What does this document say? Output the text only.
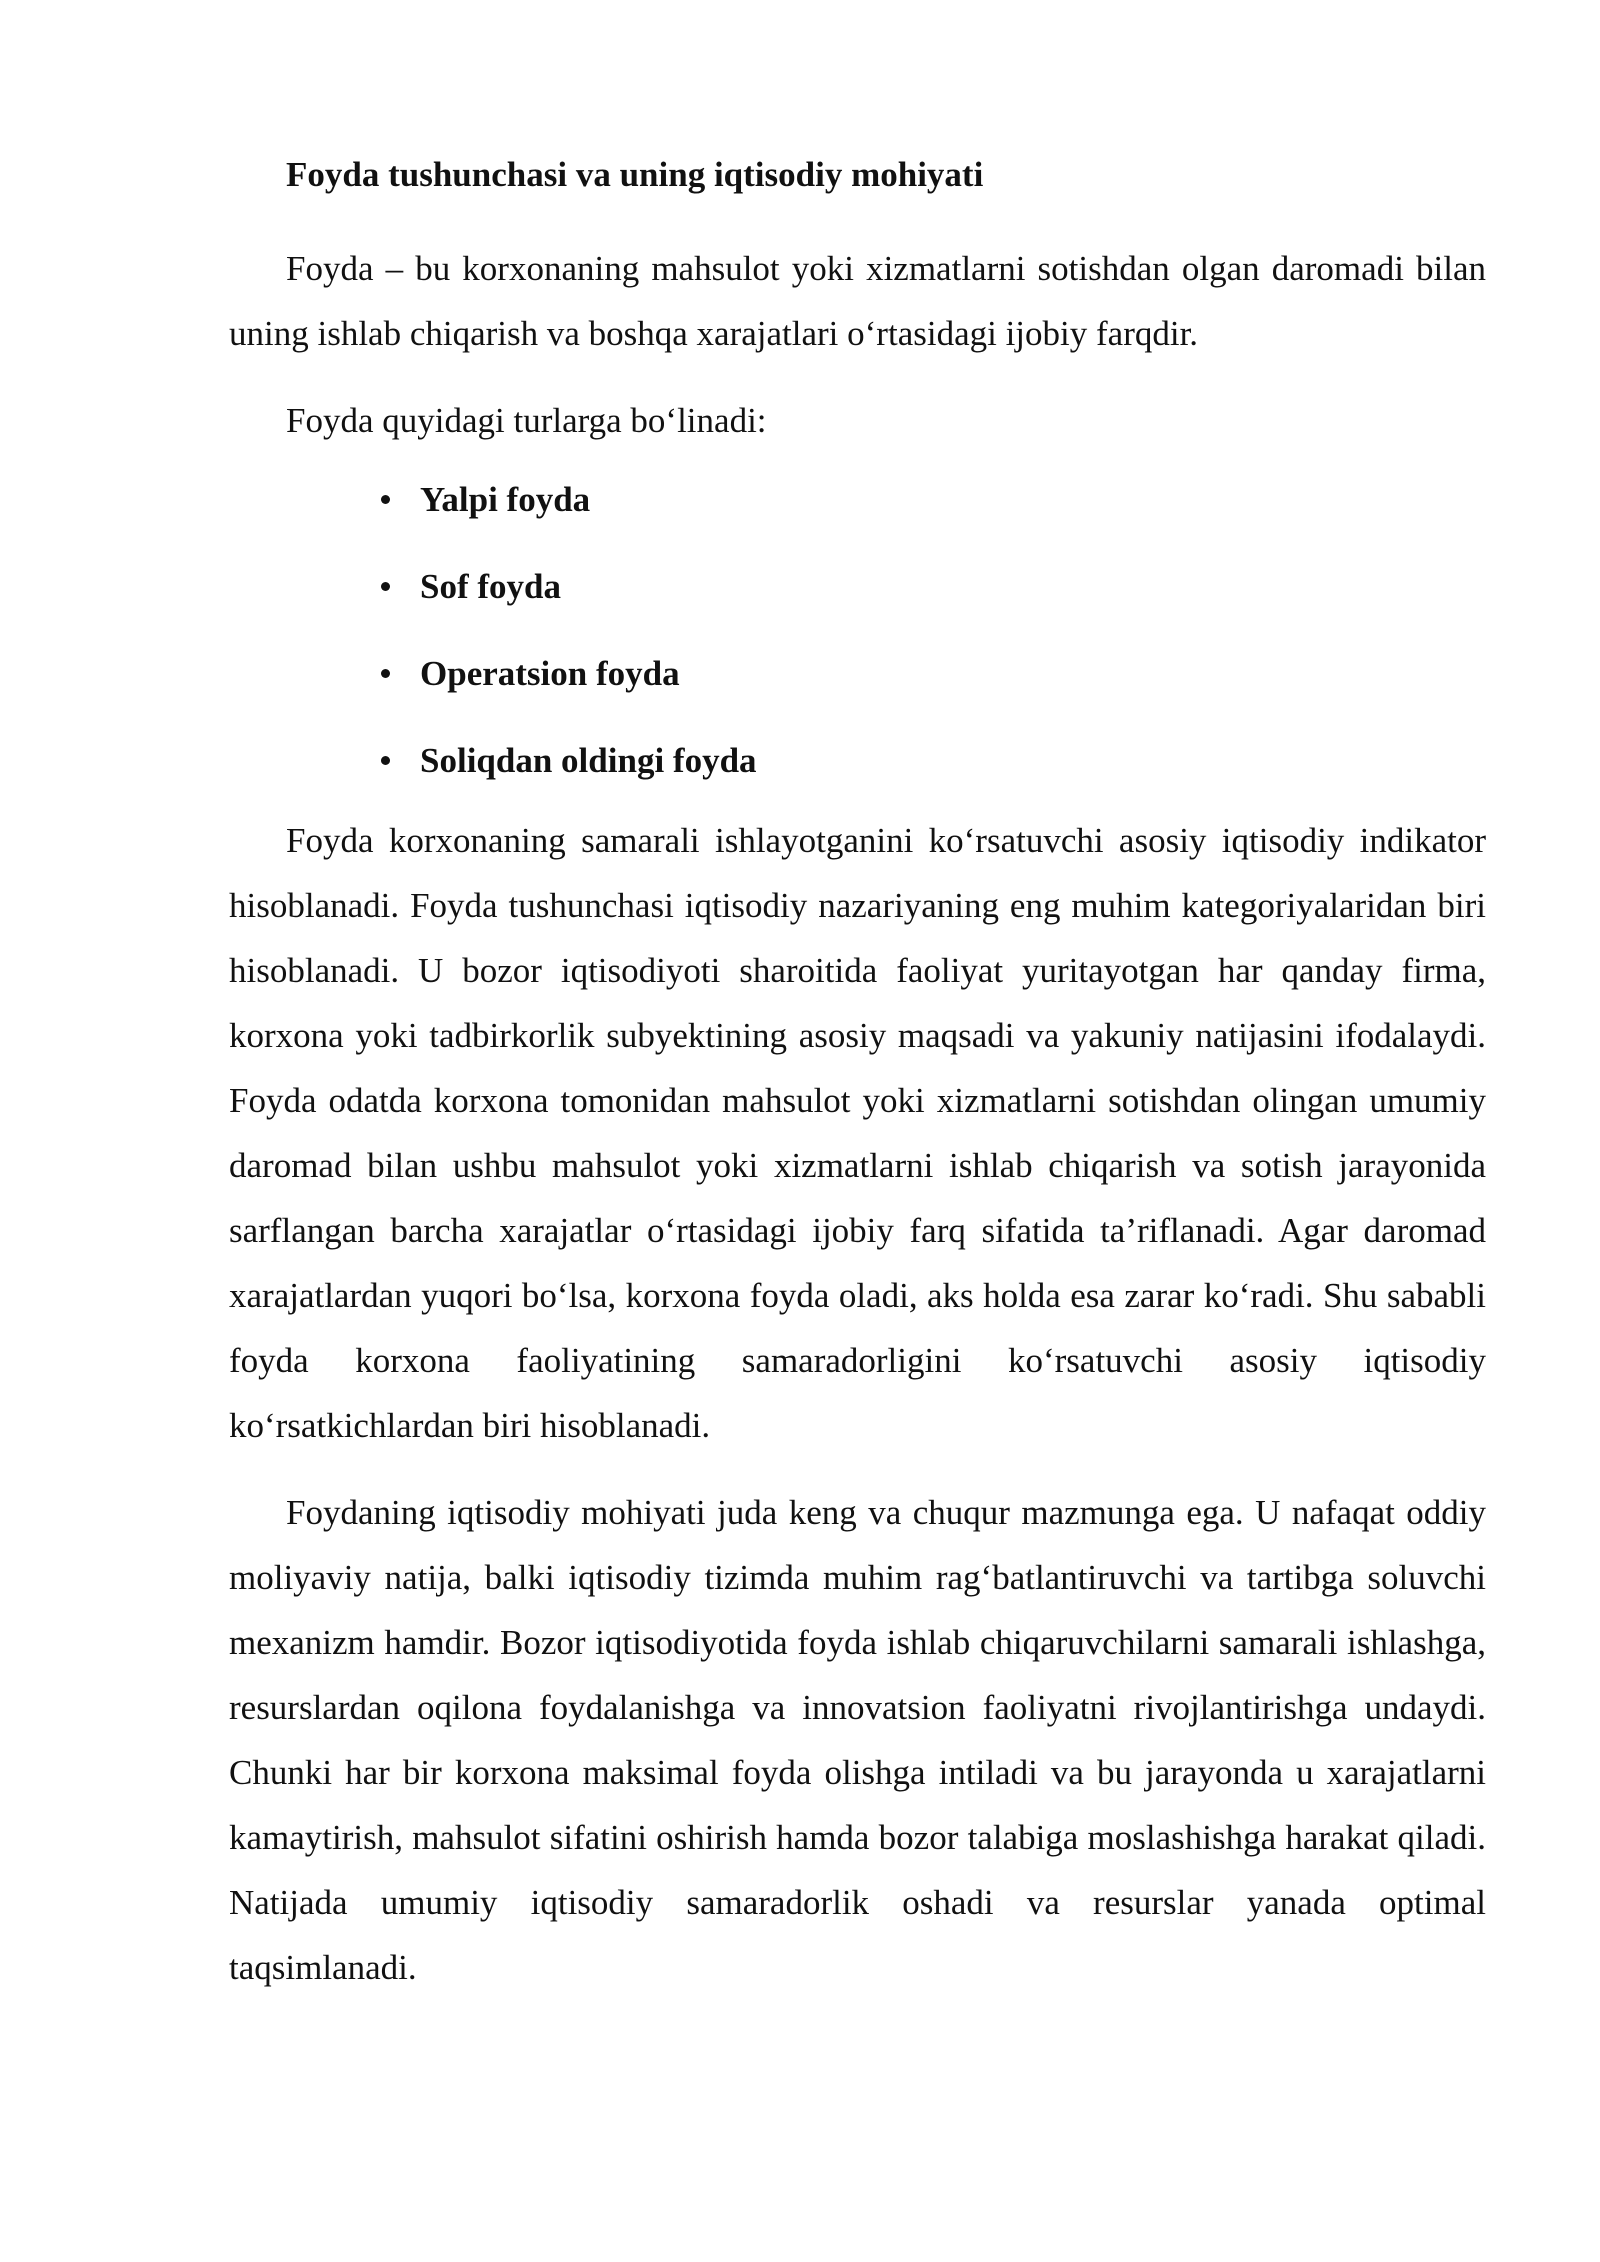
Foyda tushunchasi va uning iqtisodiy mohiyati

Foyda – bu korxonaning mahsulot yoki xizmatlarni sotishdan olgan daromadi bilan uning ishlab chiqarish va boshqa xarajatlari o‘rtasidagi ijobiy farqdir.

Foyda quyidagi turlarga bo‘linadi:

Yalpi foyda
Sof foyda
Operatsion foyda
Soliqdan oldingi foyda

Foyda korxonaning samarali ishlayotganini ko‘rsatuvchi asosiy iqtisodiy indikator hisoblanadi. Foyda tushunchasi iqtisodiy nazariyaning eng muhim kategoriyalaridan biri hisoblanadi. U bozor iqtisodiyoti sharoitida faoliyat yuritayotgan har qanday firma, korxona yoki tadbirkorlik subyektining asosiy maqsadi va yakuniy natijasini ifodalaydi. Foyda odatda korxona tomonidan mahsulot yoki xizmatlarni sotishdan olingan umumiy daromad bilan ushbu mahsulot yoki xizmatlarni ishlab chiqarish va sotish jarayonida sarflangan barcha xarajatlar o‘rtasidagi ijobiy farq sifatida ta’riflanadi. Agar daromad xarajatlardan yuqori bo‘lsa, korxona foyda oladi, aks holda esa zarar ko‘radi. Shu sababli foyda korxona faoliyatining samaradorligini ko‘rsatuvchi asosiy iqtisodiy ko‘rsatkichlardan biri hisoblanadi.

Foydaning iqtisodiy mohiyati juda keng va chuqur mazmunga ega. U nafaqat oddiy moliyaviy natija, balki iqtisodiy tizimda muhim rag‘batlantiruvchi va tartibga soluvchi mexanizm hamdir. Bozor iqtisodiyotida foyda ishlab chiqaruvchilarni samarali ishlashga, resurslardan oqilona foydalanishga va innovatsion faoliyatni rivojlantirishga undaydi. Chunki har bir korxona maksimal foyda olishga intiladi va bu jarayonda u xarajatlarni kamaytirish, mahsulot sifatini oshirish hamda bozor talabiga moslashishga harakat qiladi. Natijada umumiy iqtisodiy samaradorlik oshadi va resurslar yanada optimal taqsimlanadi.
